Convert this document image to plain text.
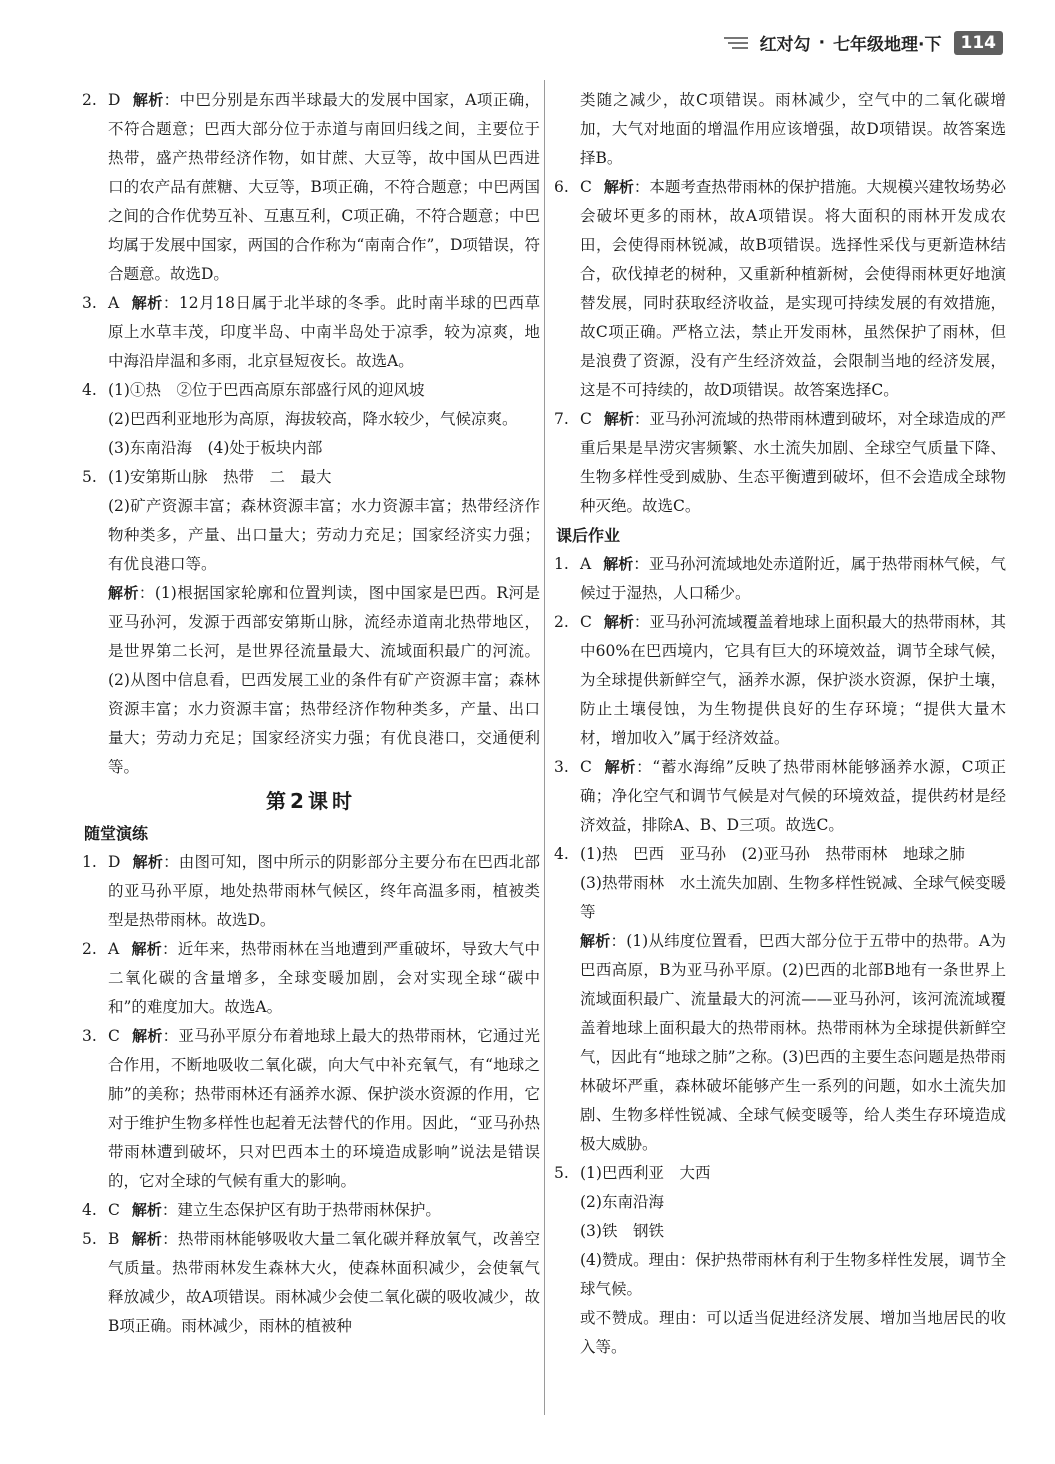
红对勾 · 七年级地理·下	114
2. D 解析：中巴分别是东西半球最大的发展中国家，A项正确，不符合题意；巴西大部分位于赤道与南回归线之间，主要位于热带，盛产热带经济作物，如甘蔗、大豆等，故中国从巴西进口的农产品有蔗糖、大豆等，B项正确，不符合题意；中巴两国之间的合作优势互补、互惠互利，C项正确，不符合题意；中巴均属于发展中国家，两国的合作称为“南南合作”，D项错误，符合题意。故选D。
3. A 解析：12月18日属于北半球的冬季。此时南半球的巴西草原上水草丰茂，印度半岛、中南半岛处于凉季，较为凉爽，地中海沿岸温和多雨，北京昼短夜长。故选A。
4. (1)①热　②位于巴西高原东部盛行风的迎风坡
(2)巴西利亚地形为高原，海拔较高，降水较少，气候凉爽。
(3)东南沿海　(4)处于板块内部
5. (1)安第斯山脉　热带　二　最大
(2)矿产资源丰富；森林资源丰富；水力资源丰富；热带经济作物种类多，产量、出口量大；劳动力充足；国家经济实力强；有优良港口等。
解析：(1)根据国家轮廓和位置判读，图中国家是巴西。R河是亚马孙河，发源于西部安第斯山脉，流经赤道南北热带地区，是世界第二长河，是世界径流量最大、流域面积最广的河流。(2)从图中信息看，巴西发展工业的条件有矿产资源丰富；森林资源丰富；水力资源丰富；热带经济作物种类多，产量、出口量大；劳动力充足；国家经济实力强；有优良港口，交通便利等。
第2课时
随堂演练
1. D 解析：由图可知，图中所示的阴影部分主要分布在巴西北部的亚马孙平原，地处热带雨林气候区，终年高温多雨，植被类型是热带雨林。故选D。
2. A 解析：近年来，热带雨林在当地遭到严重破坏，导致大气中二氧化碳的含量增多，全球变暖加剧，会对实现全球“碳中和”的难度加大。故选A。
3. C 解析：亚马孙平原分布着地球上最大的热带雨林，它通过光合作用，不断地吸收二氧化碳，向大气中补充氧气，有“地球之肺”的美称；热带雨林还有涵养水源、保护淡水资源的作用，它对于维护生物多样性也起着无法替代的作用。因此，“亚马孙热带雨林遭到破坏，只对巴西本土的环境造成影响”说法是错误的，它对全球的气候有重大的影响。
4. C 解析：建立生态保护区有助于热带雨林保护。
5. B 解析：热带雨林能够吸收大量二氧化碳并释放氧气，改善空气质量。热带雨林发生森林大火，使森林面积减少，会使氧气释放减少，故A项错误。雨林减少会使二氧化碳的吸收减少，故B项正确。雨林减少，雨林的植被种
类随之减少，故C项错误。雨林减少，空气中的二氧化碳增加，大气对地面的增温作用应该增强，故D项错误。故答案选择B。
6. C 解析：本题考查热带雨林的保护措施。大规模兴建牧场势必会破坏更多的雨林，故A项错误。将大面积的雨林开发成农田，会使得雨林锐减，故B项错误。选择性采伐与更新造林结合，砍伐掉老的树种，又重新种植新树，会使得雨林更好地演替发展，同时获取经济收益，是实现可持续发展的有效措施，故C项正确。严格立法，禁止开发雨林，虽然保护了雨林，但是浪费了资源，没有产生经济效益，会限制当地的经济发展，这是不可持续的，故D项错误。故答案选择C。
7. C 解析：亚马孙河流域的热带雨林遭到破坏，对全球造成的严重后果是旱涝灾害频繁、水土流失加剧、全球空气质量下降、生物多样性受到威胁、生态平衡遭到破坏，但不会造成全球物种灭绝。故选C。
课后作业
1. A 解析：亚马孙河流域地处赤道附近，属于热带雨林气候，气候过于湿热，人口稀少。
2. C 解析：亚马孙河流域覆盖着地球上面积最大的热带雨林，其中60%在巴西境内，它具有巨大的环境效益，调节全球气候，为全球提供新鲜空气，涵养水源，保护淡水资源，保护土壤，防止土壤侵蚀，为生物提供良好的生存环境；“提供大量木材，增加收入”属于经济效益。
3. C 解析：“蓄水海绵”反映了热带雨林能够涵养水源，C项正确；净化空气和调节气候是对气候的环境效益，提供药材是经济效益，排除A、B、D三项。故选C。
4. (1)热　巴西　亚马孙　(2)亚马孙　热带雨林　地球之肺
(3)热带雨林　水土流失加剧、生物多样性锐减、全球气候变暖等
解析：(1)从纬度位置看，巴西大部分位于五带中的热带。A为巴西高原，B为亚马孙平原。(2)巴西的北部B地有一条世界上流域面积最广、流量最大的河流——亚马孙河，该河流流域覆盖着地球上面积最大的热带雨林。热带雨林为全球提供新鲜空气，因此有“地球之肺”之称。(3)巴西的主要生态问题是热带雨林破坏严重，森林破坏能够产生一系列的问题，如水土流失加剧、生物多样性锐减、全球气候变暖等，给人类生存环境造成极大威胁。
5. (1)巴西利亚　大西
(2)东南沿海
(3)铁　钢铁
(4)赞成。理由：保护热带雨林有利于生物多样性发展，调节全球气候。
或不赞成。理由：可以适当促进经济发展、增加当地居民的收入等。
